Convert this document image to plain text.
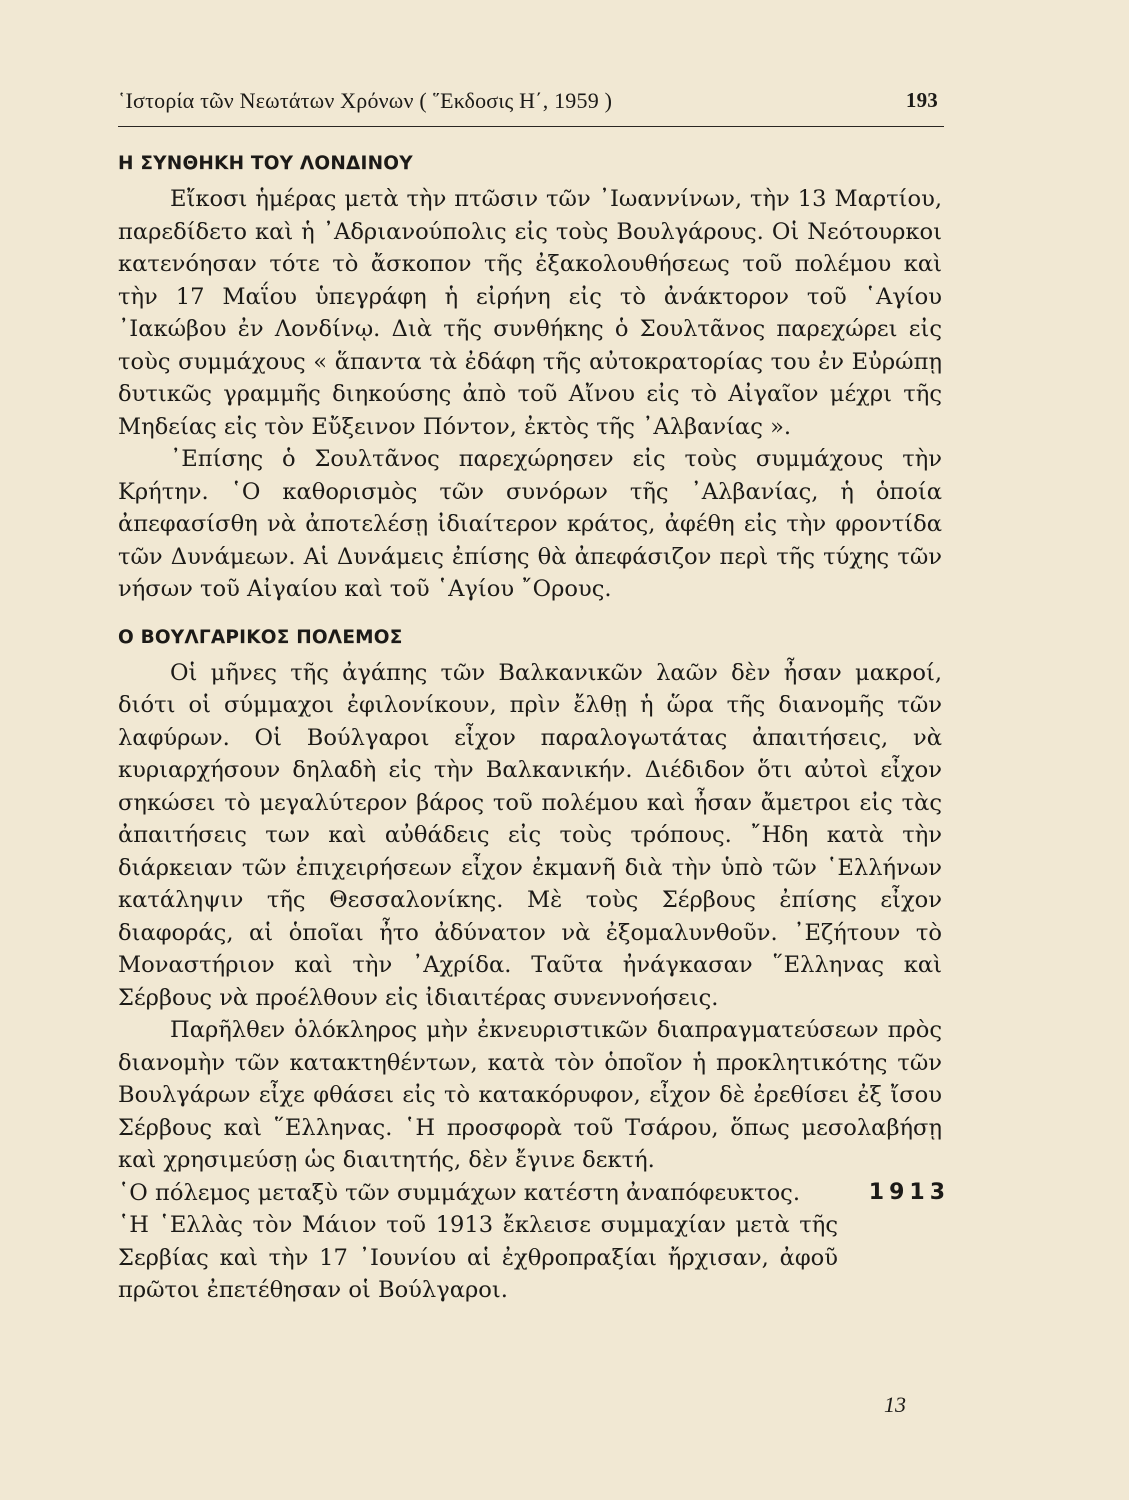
῾Ιστορία τῶν Νεωτάτων Χρόνων ( ῞Εκδοσις Η΄, 1959 )	193
Η ΣΥΝΘΗΚΗ ΤΟΥ ΛΟΝΔΙΝΟΥ

Εἴκοσι ἡμέρας μετὰ τὴν πτῶσιν τῶν ᾿Ιωαννίνων, τὴν 13 Μαρτίου, παρεδίδετο καὶ ἡ ᾿Αδριανούπολις εἰς τοὺς Βουλγάρους. Οἱ Νεότουρκοι κατενόησαν τότε τὸ ἄσκοπον τῆς ἐξακολουθήσεως τοῦ πολέμου καὶ τὴν 17 Μαΐου ὑπεγράφη ἡ εἰρήνη εἰς τὸ ἀνάκτορον τοῦ ῾Αγίου ᾿Ιακώβου ἐν Λονδίνῳ. Διὰ τῆς συνθήκης ὁ Σουλτᾶνος παρεχώρει εἰς τοὺς συμμάχους « ἅπαντα τὰ ἐδάφη τῆς αὐτοκρατορίας του ἐν Εὐρώπῃ δυτικῶς γραμμῆς διηκούσης ἀπὸ τοῦ Αἴνου εἰς τὸ Αἰγαῖον μέχρι τῆς Μηδείας εἰς τὸν Εὔξεινον Πόντον, ἐκτὸς τῆς ᾿Αλβανίας ».

᾿Επίσης ὁ Σουλτᾶνος παρεχώρησεν εἰς τοὺς συμμάχους τὴν Κρήτην. ῾Ο καθορισμὸς τῶν συνόρων τῆς ᾿Αλβανίας, ἡ ὁποία ἀπεφασίσθη νὰ ἀποτελέσῃ ἰδιαίτερον κράτος, ἀφέθη εἰς τὴν φροντίδα τῶν Δυνάμεων. Αἱ Δυνάμεις ἐπίσης θὰ ἀπεφάσιζον περὶ τῆς τύχης τῶν νήσων τοῦ Αἰγαίου καὶ τοῦ ῾Αγίου ῎Ορους.

Ο ΒΟΥΛΓΑΡΙΚΟΣ ΠΟΛΕΜΟΣ

Οἱ μῆνες τῆς ἀγάπης τῶν Βαλκανικῶν λαῶν δὲν ἦσαν μακροί, διότι οἱ σύμμαχοι ἐφιλονίκουν, πρὶν ἔλθῃ ἡ ὥρα τῆς διανομῆς τῶν λαφύρων. Οἱ Βούλγαροι εἶχον παραλογωτάτας ἀπαιτήσεις, νὰ κυριαρχήσουν δηλαδὴ εἰς τὴν Βαλκανικήν. Διέδιδον ὅτι αὐτοὶ εἶχον σηκώσει τὸ μεγαλύτερον βάρος τοῦ πολέμου καὶ ἦσαν ἄμετροι εἰς τὰς ἀπαιτήσεις των καὶ αὐθάδεις εἰς τοὺς τρόπους. ῎Ηδη κατὰ τὴν διάρκειαν τῶν ἐπιχειρήσεων εἶχον ἐκμανῆ διὰ τὴν ὑπὸ τῶν ῾Ελλήνων κατάληψιν τῆς Θεσσαλονίκης. Μὲ τοὺς Σέρβους ἐπίσης εἶχον διαφοράς, αἱ ὁποῖαι ἦτο ἀδύνατον νὰ ἐξομαλυνθοῦν. ᾿Εζήτουν τὸ Μοναστήριον καὶ τὴν ᾿Αχρίδα. Ταῦτα ἠνάγκασαν ῞Ελληνας καὶ Σέρβους νὰ προέλθουν εἰς ἰδιαιτέρας συνεννοήσεις.

Παρῆλθεν ὁλόκληρος μὴν ἐκνευριστικῶν διαπραγματεύσεων πρὸς διανομὴν τῶν κατακτηθέντων, κατὰ τὸν ὁποῖον ἡ προκλητικότης τῶν Βουλγάρων εἶχε φθάσει εἰς τὸ κατακόρυφον, εἶχον δὲ ἐρεθίσει ἐξ ἴσου Σέρβους καὶ ῞Ελληνας. ῾Η προσφορὰ τοῦ Τσάρου, ὅπως μεσολαβήσῃ καὶ χρησιμεύσῃ ὡς διαιτητής, δὲν ἔγινε δεκτή.

῾Ο πόλεμος μεταξὺ τῶν συμμάχων κατέστη ἀναπόφευκτος.	1913

῾Η ῾Ελλὰς τὸν Μάιον τοῦ 1913 ἔκλεισε συμμαχίαν μετὰ τῆς Σερβίας καὶ τὴν 17 ᾿Ιουνίου αἱ ἐχθροπραξίαι ἤρχισαν, ἀφοῦ πρῶτοι ἐπετέθησαν οἱ Βούλγαροι.

13
